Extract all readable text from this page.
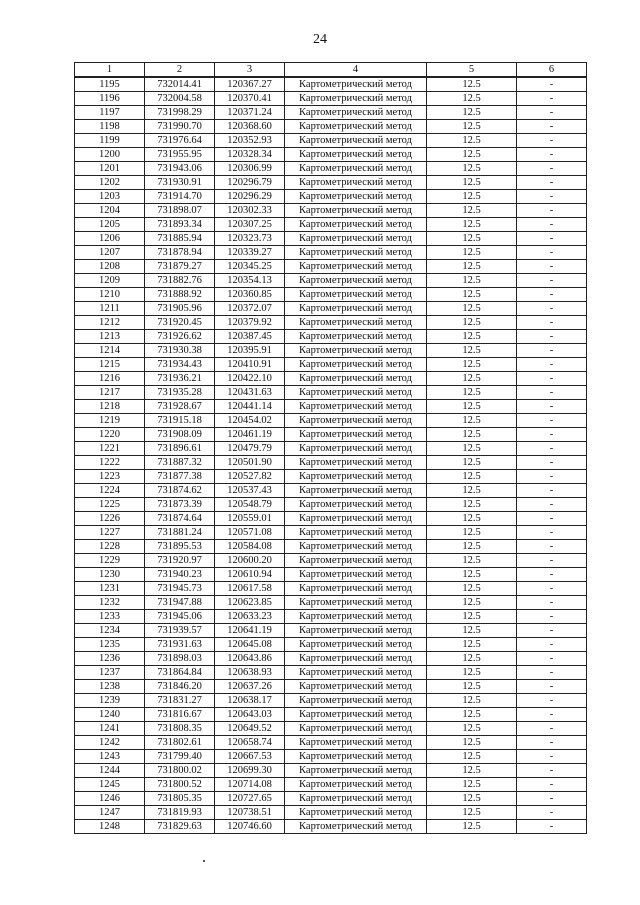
24
1	2	3	4	5	6
1195	732014.41	120367.27	Картометрический метод	12.5	-
1196	732004.58	120370.41	Картометрический метод	12.5	-
1197	731998.29	120371.24	Картометрический метод	12.5	-
1198	731990.70	120368.60	Картометрический метод	12.5	-
1199	731976.64	120352.93	Картометрический метод	12.5	-
1200	731955.95	120328.34	Картометрический метод	12.5	-
1201	731943.06	120306.99	Картометрический метод	12.5	-
1202	731930.91	120296.79	Картометрический метод	12.5	-
1203	731914.70	120296.29	Картометрический метод	12.5	-
1204	731898.07	120302.33	Картометрический метод	12.5	-
1205	731893.34	120307.25	Картометрический метод	12.5	-
1206	731885.94	120323.73	Картометрический метод	12.5	-
1207	731878.94	120339.27	Картометрический метод	12.5	-
1208	731879.27	120345.25	Картометрический метод	12.5	-
1209	731882.76	120354.13	Картометрический метод	12.5	-
1210	731888.92	120360.85	Картометрический метод	12.5	-
1211	731905.96	120372.07	Картометрический метод	12.5	-
1212	731920.45	120379.92	Картометрический метод	12.5	-
1213	731926.62	120387.45	Картометрический метод	12.5	-
1214	731930.38	120395.91	Картометрический метод	12.5	-
1215	731934.43	120410.91	Картометрический метод	12.5	-
1216	731936.21	120422.10	Картометрический метод	12.5	-
1217	731935.28	120431.63	Картометрический метод	12.5	-
1218	731928.67	120441.14	Картометрический метод	12.5	-
1219	731915.18	120454.02	Картометрический метод	12.5	-
1220	731908.09	120461.19	Картометрический метод	12.5	-
1221	731896.61	120479.79	Картометрический метод	12.5	-
1222	731887.32	120501.90	Картометрический метод	12.5	-
1223	731877.38	120527.82	Картометрический метод	12.5	-
1224	731874.62	120537.43	Картометрический метод	12.5	-
1225	731873.39	120548.79	Картометрический метод	12.5	-
1226	731874.64	120559.01	Картометрический метод	12.5	-
1227	731881.24	120571.08	Картометрический метод	12.5	-
1228	731895.53	120584.08	Картометрический метод	12.5	-
1229	731920.97	120600.20	Картометрический метод	12.5	-
1230	731940.23	120610.94	Картометрический метод	12.5	-
1231	731945.73	120617.58	Картометрический метод	12.5	-
1232	731947.88	120623.85	Картометрический метод	12.5	-
1233	731945.06	120633.23	Картометрический метод	12.5	-
1234	731939.57	120641.19	Картометрический метод	12.5	-
1235	731931.63	120645.08	Картометрический метод	12.5	-
1236	731898.03	120643.86	Картометрический метод	12.5	-
1237	731864.84	120638.93	Картометрический метод	12.5	-
1238	731846.20	120637.26	Картометрический метод	12.5	-
1239	731831.27	120638.17	Картометрический метод	12.5	-
1240	731816.67	120643.03	Картометрический метод	12.5	-
1241	731808.35	120649.52	Картометрический метод	12.5	-
1242	731802.61	120658.74	Картометрический метод	12.5	-
1243	731799.40	120667.53	Картометрический метод	12.5	-
1244	731800.02	120699.30	Картометрический метод	12.5	-
1245	731800.52	120714.08	Картометрический метод	12.5	-
1246	731805.35	120727.65	Картометрический метод	12.5	-
1247	731819.93	120738.51	Картометрический метод	12.5	-
1248	731829.63	120746.60	Картометрический метод	12.5	-
